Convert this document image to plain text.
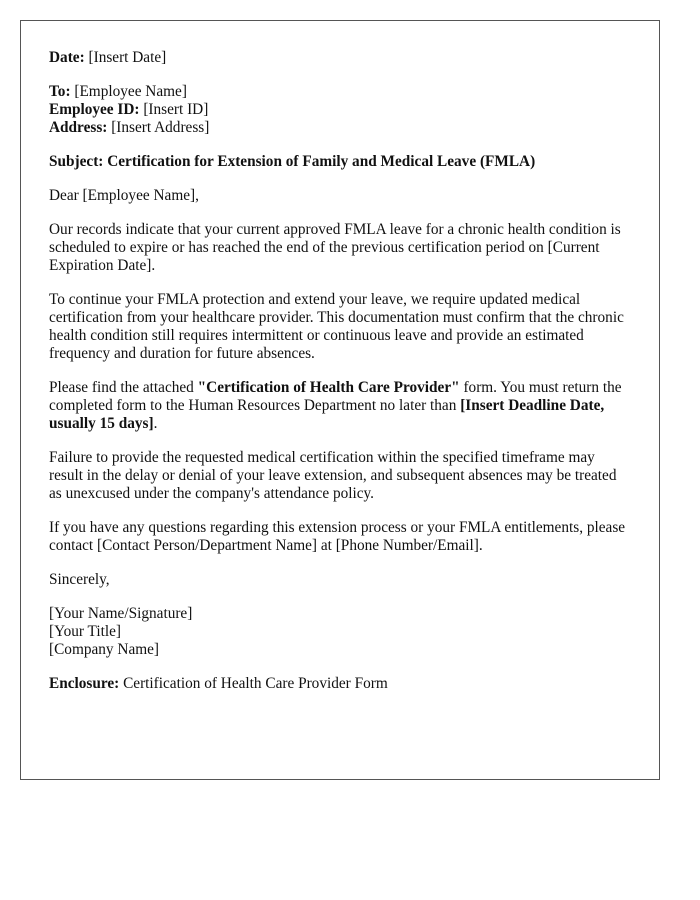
Date: [Insert Date]

To: [Employee Name]
Employee ID: [Insert ID]
Address: [Insert Address]

Subject: Certification for Extension of Family and Medical Leave (FMLA)

Dear [Employee Name],

Our records indicate that your current approved FMLA leave for a chronic health condition is scheduled to expire or has reached the end of the previous certification period on [Current Expiration Date].

To continue your FMLA protection and extend your leave, we require updated medical certification from your healthcare provider. This documentation must confirm that the chronic health condition still requires intermittent or continuous leave and provide an estimated frequency and duration for future absences.

Please find the attached "Certification of Health Care Provider" form. You must return the completed form to the Human Resources Department no later than [Insert Deadline Date, usually 15 days].

Failure to provide the requested medical certification within the specified timeframe may result in the delay or denial of your leave extension, and subsequent absences may be treated as unexcused under the company's attendance policy.

If you have any questions regarding this extension process or your FMLA entitlements, please contact [Contact Person/Department Name] at [Phone Number/Email].

Sincerely,

[Your Name/Signature]
[Your Title]
[Company Name]

Enclosure: Certification of Health Care Provider Form
